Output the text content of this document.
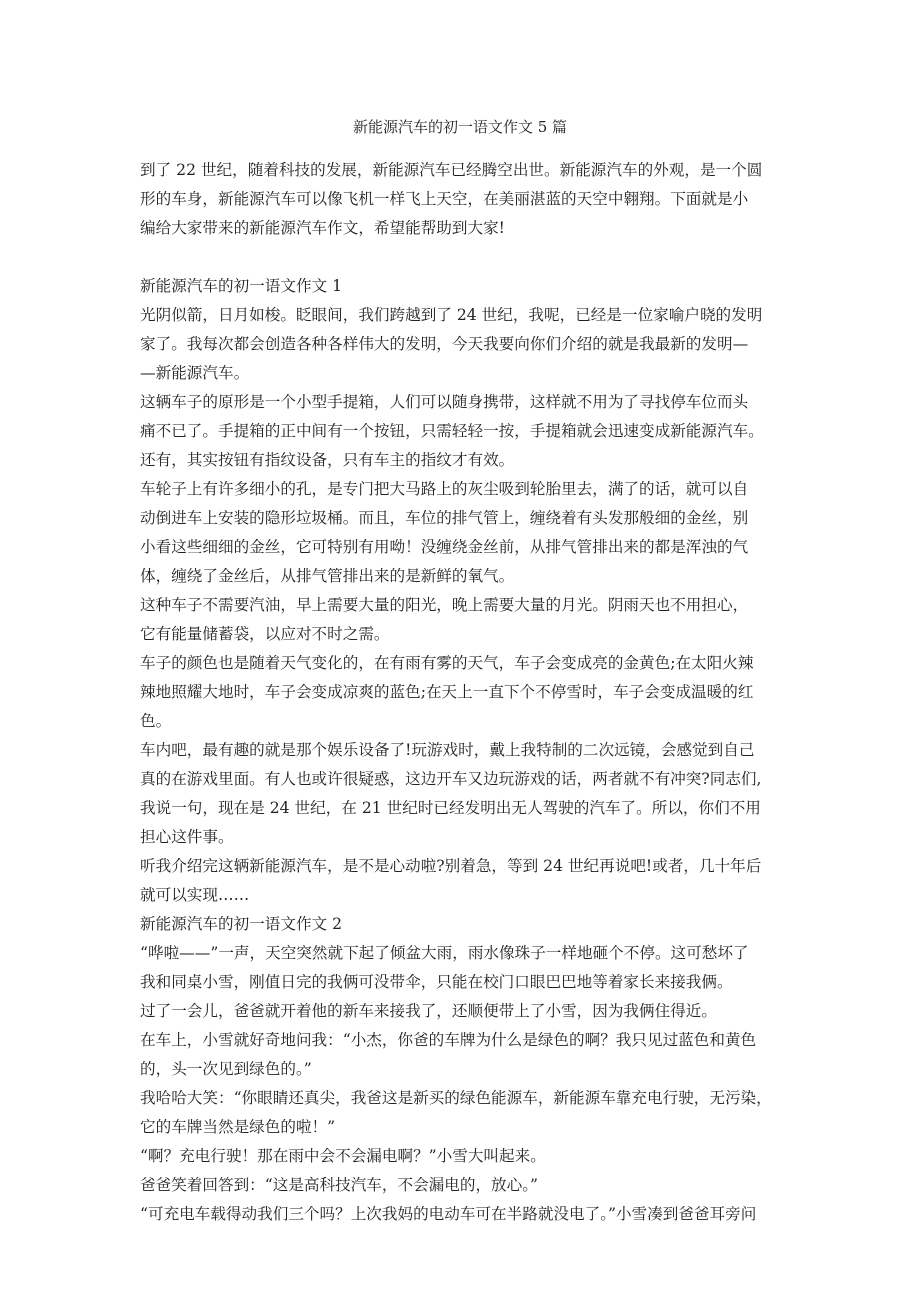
新能源汽车的初一语文作文 5 篇
到了 22 世纪，随着科技的发展，新能源汽车已经腾空出世。新能源汽车的外观，是一个圆
形的车身，新能源汽车可以像飞机一样飞上天空，在美丽湛蓝的天空中翱翔。下面就是小
编给大家带来的新能源汽车作文，希望能帮助到大家!
新能源汽车的初一语文作文 1
光阴似箭，日月如梭。眨眼间，我们跨越到了 24 世纪，我呢，已经是一位家喻户晓的发明
家了。我每次都会创造各种各样伟大的发明，今天我要向你们介绍的就是我最新的发明—
—新能源汽车。
这辆车子的原形是一个小型手提箱，人们可以随身携带，这样就不用为了寻找停车位而头
痛不已了。手提箱的正中间有一个按钮，只需轻轻一按，手提箱就会迅速变成新能源汽车。
还有，其实按钮有指纹设备，只有车主的指纹才有效。
车轮子上有许多细小的孔，是专门把大马路上的灰尘吸到轮胎里去，满了的话，就可以自
动倒进车上安装的隐形垃圾桶。而且，车位的排气管上，缠绕着有头发那般细的金丝，别
小看这些细细的金丝，它可特别有用呦！没缠绕金丝前，从排气管排出来的都是浑浊的气
体，缠绕了金丝后，从排气管排出来的是新鲜的氧气。
这种车子不需要汽油，早上需要大量的阳光，晚上需要大量的月光。阴雨天也不用担心，
它有能量储蓄袋，以应对不时之需。
车子的颜色也是随着天气变化的，在有雨有雾的天气，车子会变成亮的金黄色;在太阳火辣
辣地照耀大地时，车子会变成凉爽的蓝色;在天上一直下个不停雪时，车子会变成温暖的红
色。
车内吧，最有趣的就是那个娱乐设备了!玩游戏时，戴上我特制的二次远镜，会感觉到自己
真的在游戏里面。有人也或许很疑惑，这边开车又边玩游戏的话，两者就不有冲突?同志们,
我说一句，现在是 24 世纪，在 21 世纪时已经发明出无人驾驶的汽车了。所以，你们不用
担心这件事。
听我介绍完这辆新能源汽车，是不是心动啦?别着急，等到 24 世纪再说吧!或者，几十年后
就可以实现……
新能源汽车的初一语文作文 2
“哗啦——”一声，天空突然就下起了倾盆大雨，雨水像珠子一样地砸个不停。这可愁坏了
我和同桌小雪，刚值日完的我俩可没带伞，只能在校门口眼巴巴地等着家长来接我俩。
过了一会儿，爸爸就开着他的新车来接我了，还顺便带上了小雪，因为我俩住得近。
在车上，小雪就好奇地问我：“小杰，你爸的车牌为什么是绿色的啊？我只见过蓝色和黄色
的，头一次见到绿色的。”
我哈哈大笑：“你眼睛还真尖，我爸这是新买的绿色能源车，新能源车靠充电行驶，无污染，
它的车牌当然是绿色的啦！”
“啊？充电行驶！那在雨中会不会漏电啊？”小雪大叫起来。
爸爸笑着回答到：“这是高科技汽车，不会漏电的，放心。”
“可充电车载得动我们三个吗？上次我妈的电动车可在半路就没电了。”小雪凑到爸爸耳旁问
